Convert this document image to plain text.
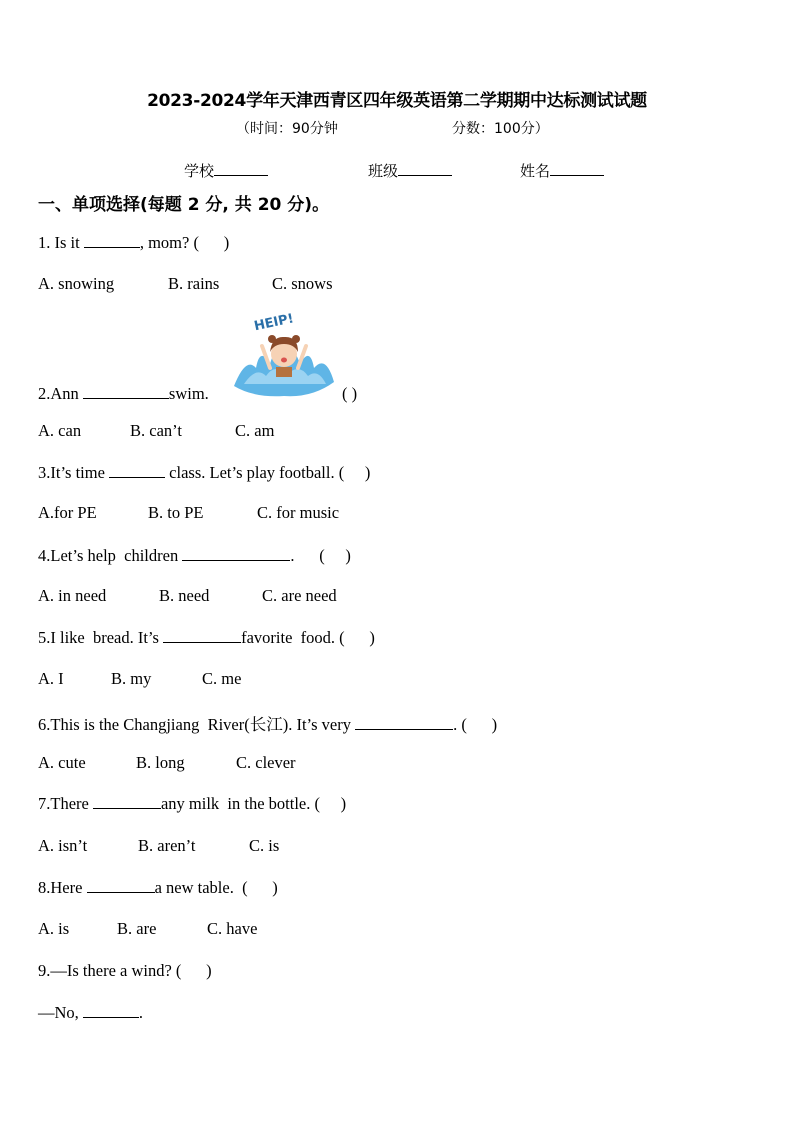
2023-2024学年天津西青区四年级英语第二学期期中达标测试试题
（时间：90分钟	分数：100分）
学校	班级	姓名
一、单项选择(每题 2 分, 共 20 分)。
1. Is it	, mom? (      )
A. snowing	B. rains	C. snows
HEIP!
2.Ann	swim.	( )
A. can	B. can’t	C. am
3.It’s time	class. Let’s play football. (     )
A.for PE	B. to PE	C. for music
4.Let’s help  children	.      (     )
A. in need	B. need	C. are need
5.I like  bread. It’s	favorite  food. (      )
A. I	B. my	C. me
6.This is the Changjiang  River(长江). It’s very	. (      )
A. cute	B. long	C. clever
7.There	any milk  in the bottle. (     )
A. isn’t	B. aren’t	C. is
8.Here	a new table.  (      )
A. is	B. are	C. have
9.—Is there a wind? (      )
—No,	.
